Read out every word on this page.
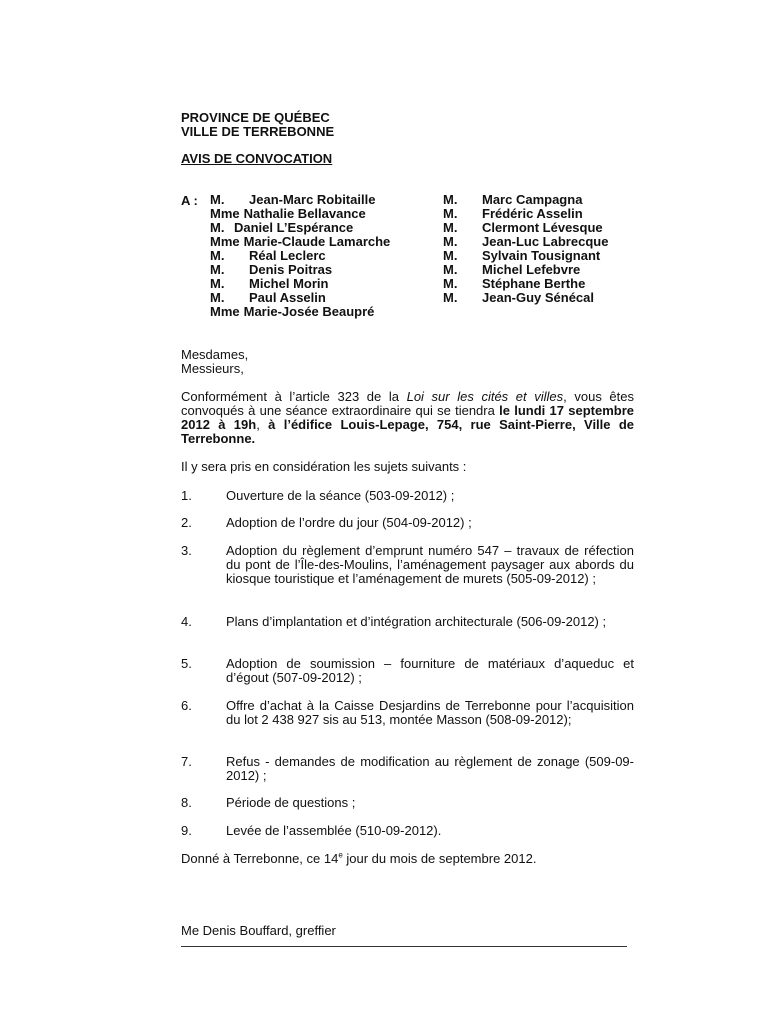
PROVINCE DE QUÉBEC
VILLE DE TERREBONNE
AVIS DE CONVOCATION
A : M. Jean-Marc Robitaille
Mme Nathalie Bellavance
M. Daniel L’Espérance
Mme Marie-Claude Lamarche
M. Réal Leclerc
M. Denis Poitras
M. Michel Morin
M. Paul Asselin
Mme Marie-Josée Beaupré
M. Marc Campagna
M. Frédéric Asselin
M. Clermont Lévesque
M. Jean-Luc Labrecque
M. Sylvain Tousignant
M. Michel Lefebvre
M. Stéphane Berthe
M. Jean-Guy Sénécal
Mesdames,
Messieurs,
Conformément à l’article 323 de la Loi sur les cités et villes, vous êtes convoqués à une séance extraordinaire qui se tiendra le lundi 17 septembre 2012 à 19h, à l’édifice Louis-Lepage, 754, rue Saint-Pierre, Ville de Terrebonne.
Il y sera pris en considération les sujets suivants :
1.	Ouverture de la séance (503-09-2012) ;
2.	Adoption de l’ordre du jour (504-09-2012) ;
3.	Adoption du règlement d’emprunt numéro 547 – travaux de réfection du pont de l’Île-des-Moulins, l’aménagement paysager aux abords du kiosque touristique et l’aménagement de murets (505-09-2012) ;
4.	Plans d’implantation et d’intégration architecturale (506-09-2012) ;
5.	Adoption de soumission – fourniture de matériaux d’aqueduc et d’égout (507-09-2012) ;
6.	Offre d’achat à la Caisse Desjardins de Terrebonne pour l’acquisition du lot 2 438 927 sis au 513, montée Masson (508-09-2012);
7.	Refus - demandes de modification au règlement de zonage (509-09-2012) ;
8.	Période de questions ;
9.	Levée de l’assemblée (510-09-2012).
Donné à Terrebonne, ce 14e jour du mois de septembre 2012.
Me Denis Bouffard, greffier
